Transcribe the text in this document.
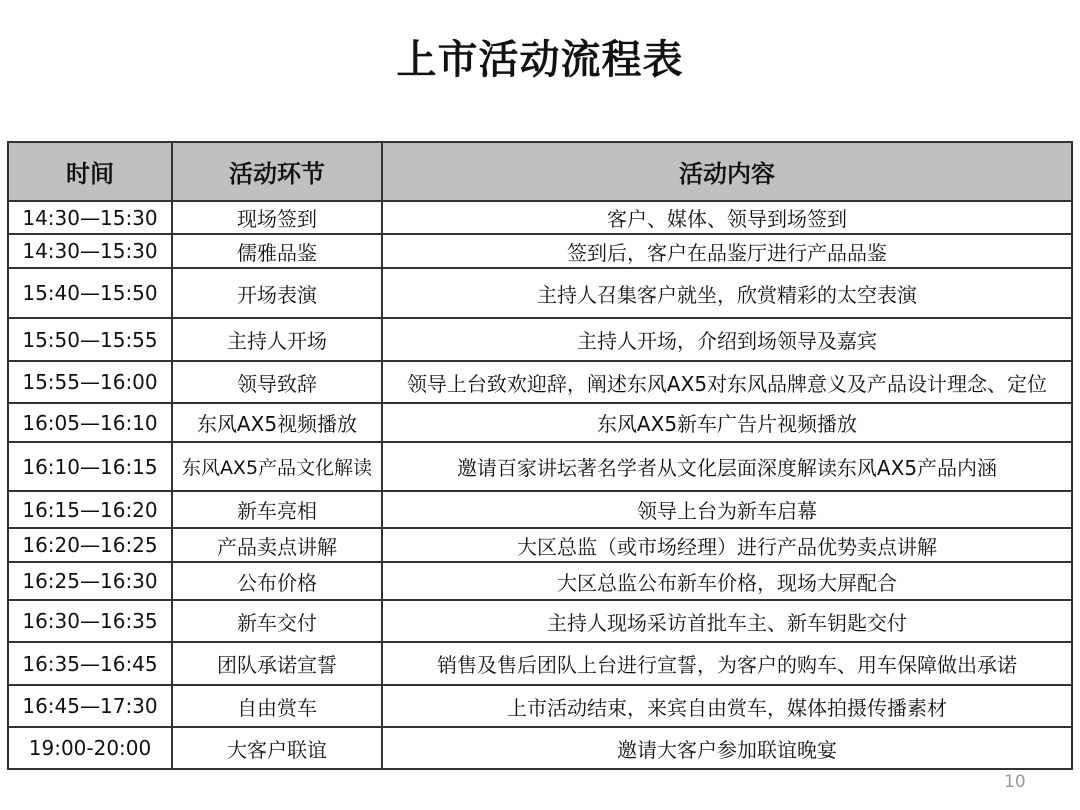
上市活动流程表
时间	活动环节	活动内容
14:30—15:30	现场签到	客户、媒体、领导到场签到
14:30—15:30	儒雅品鉴	签到后，客户在品鉴厅进行产品品鉴
15:40—15:50	开场表演	主持人召集客户就坐，欣赏精彩的太空表演
15:50—15:55	主持人开场	主持人开场，介绍到场领导及嘉宾
15:55—16:00	领导致辞	领导上台致欢迎辞，阐述东风AX5对东风品牌意义及产品设计理念、定位
16:05—16:10	东风AX5视频播放	东风AX5新车广告片视频播放
16:10—16:15	东风AX5产品文化解读	邀请百家讲坛著名学者从文化层面深度解读东风AX5产品内涵
16:15—16:20	新车亮相	领导上台为新车启幕
16:20—16:25	产品卖点讲解	大区总监（或市场经理）进行产品优势卖点讲解
16:25—16:30	公布价格	大区总监公布新车价格，现场大屏配合
16:30—16:35	新车交付	主持人现场采访首批车主、新车钥匙交付
16:35—16:45	团队承诺宣誓	销售及售后团队上台进行宣誓，为客户的购车、用车保障做出承诺
16:45—17:30	自由赏车	上市活动结束，来宾自由赏车，媒体拍摄传播素材
19:00-20:00	大客户联谊	邀请大客户参加联谊晚宴
10
